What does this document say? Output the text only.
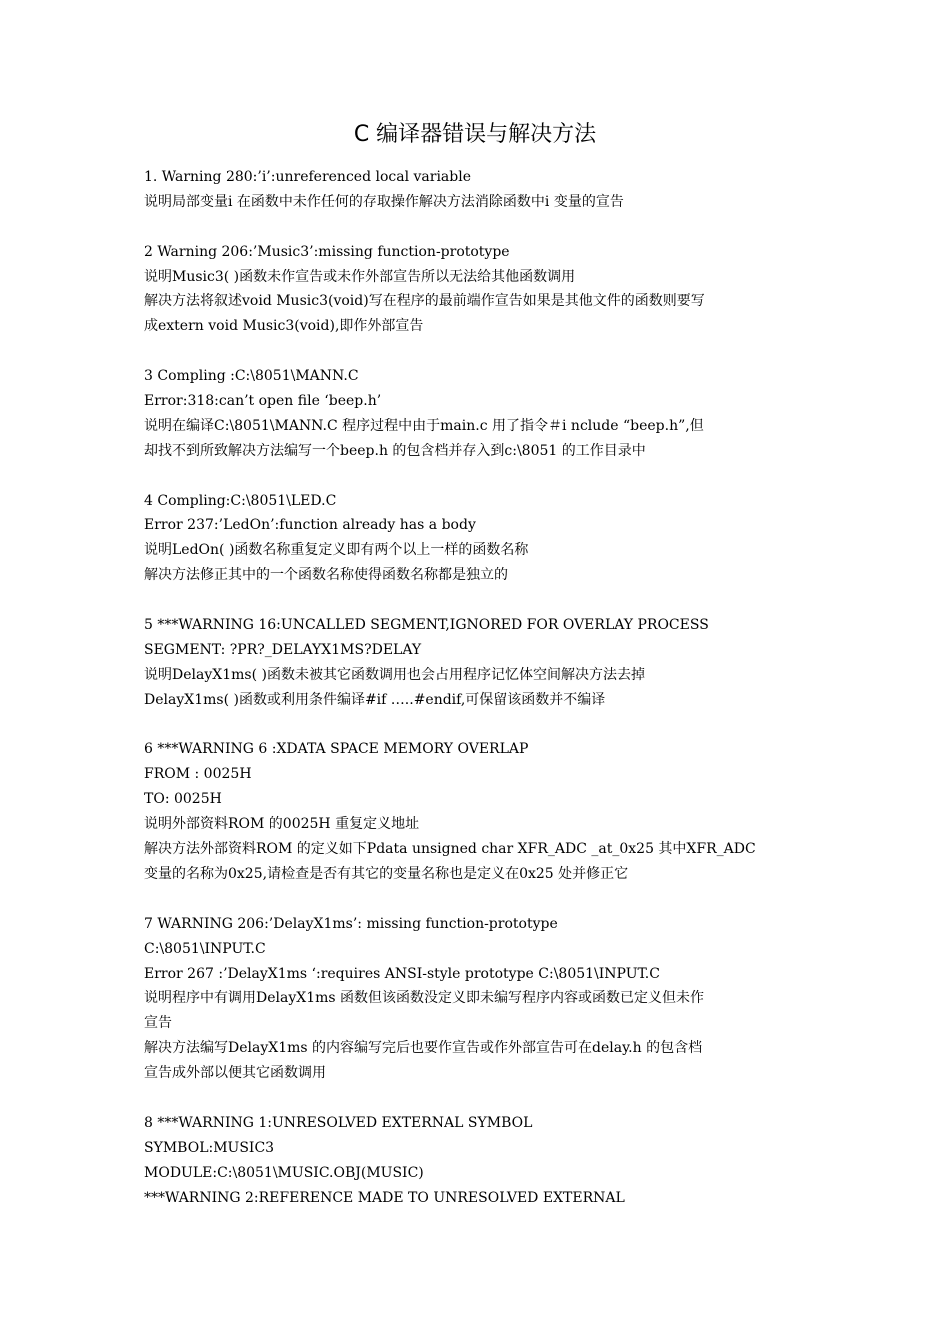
C 编译器错误与解决方法
1. Warning 280:’i’:unreferenced local variable
说明局部变量i 在函数中未作任何的存取操作解决方法消除函数中i 变量的宣告
2 Warning 206:’Music3’:missing function-prototype
说明Music3( )函数未作宣告或未作外部宣告所以无法给其他函数调用
解决方法将叙述void Music3(void)写在程序的最前端作宣告如果是其他文件的函数则要写
成extern void Music3(void),即作外部宣告
3 Compling :C:\8051\MANN.C
Error:318:can’t open file ‘beep.h’
说明在编译C:\8051\MANN.C 程序过程中由于main.c 用了指令＃i nclude “beep.h”,但
却找不到所致解决方法编写一个beep.h 的包含档并存入到c:\8051 的工作目录中
4 Compling:C:\8051\LED.C
Error 237:’LedOn’:function already has a body
说明LedOn( )函数名称重复定义即有两个以上一样的函数名称
解决方法修正其中的一个函数名称使得函数名称都是独立的
5 ***WARNING 16:UNCALLED SEGMENT,IGNORED FOR OVERLAY PROCESS
SEGMENT: ?PR?_DELAYX1MS?DELAY
说明DelayX1ms( )函数未被其它函数调用也会占用程序记忆体空间解决方法去掉
DelayX1ms( )函数或利用条件编译#if …..#endif,可保留该函数并不编译
6 ***WARNING 6 :XDATA SPACE MEMORY OVERLAP
FROM : 0025H
TO: 0025H
说明外部资料ROM 的0025H 重复定义地址
解决方法外部资料ROM 的定义如下Pdata unsigned char XFR_ADC _at_0x25 其中XFR_ADC
变量的名称为0x25,请检查是否有其它的变量名称也是定义在0x25 处并修正它
7 WARNING 206:’DelayX1ms’: missing function-prototype
C:\8051\INPUT.C
Error 267 :’DelayX1ms ‘:requires ANSI-style prototype C:\8051\INPUT.C
说明程序中有调用DelayX1ms 函数但该函数没定义即未编写程序内容或函数已定义但未作
宣告
解决方法编写DelayX1ms 的内容编写完后也要作宣告或作外部宣告可在delay.h 的包含档
宣告成外部以便其它函数调用
8 ***WARNING 1:UNRESOLVED EXTERNAL SYMBOL
SYMBOL:MUSIC3
MODULE:C:\8051\MUSIC.OBJ(MUSIC)
***WARNING 2:REFERENCE MADE TO UNRESOLVED EXTERNAL
